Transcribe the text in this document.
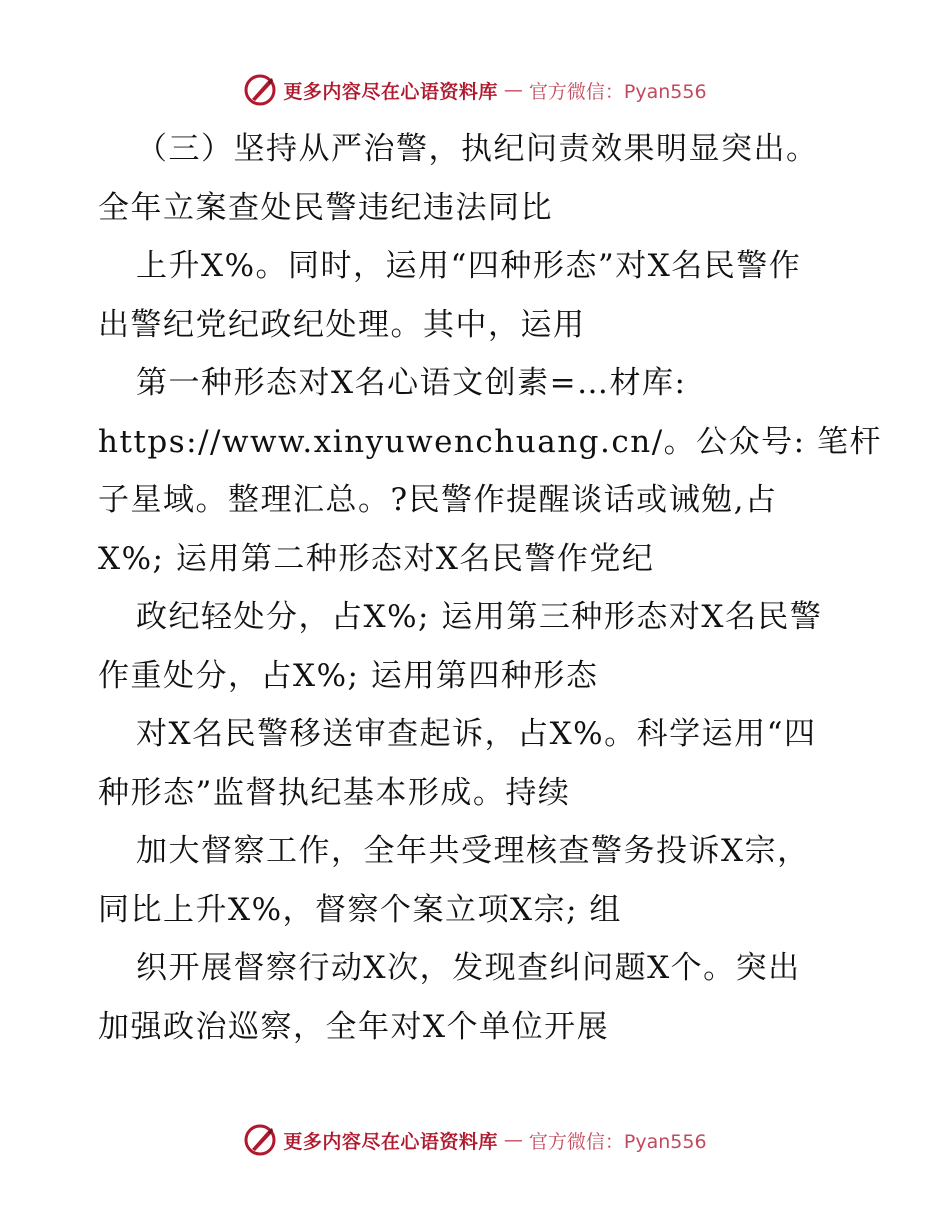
更多内容尽在心语资料库 — 官方微信：Pyan556
（三）坚持从严治警，执纪问责效果明显突出。
全年立案查处民警违纪违法同比
上升X%。同时，运用“四种形态”对X名民警作
出警纪党纪政纪处理。其中，运用
第一种形态对X名心语文创素=…材库:
https://www.xinyuwenchuang.cn/。公众号: 笔杆
子星域。整理汇总。?民警作提醒谈话或诫勉,占
X%; 运用第二种形态对X名民警作党纪
政纪轻处分，占X%; 运用第三种形态对X名民警
作重处分，占X%; 运用第四种形态
对X名民警移送审查起诉，占X%。科学运用“四
种形态”监督执纪基本形成。持续
加大督察工作，全年共受理核查警务投诉X宗，
同比上升X%，督察个案立项X宗; 组
织开展督察行动X次，发现查纠问题X个。突出
加强政治巡察，全年对X个单位开展
更多内容尽在心语资料库 — 官方微信：Pyan556
